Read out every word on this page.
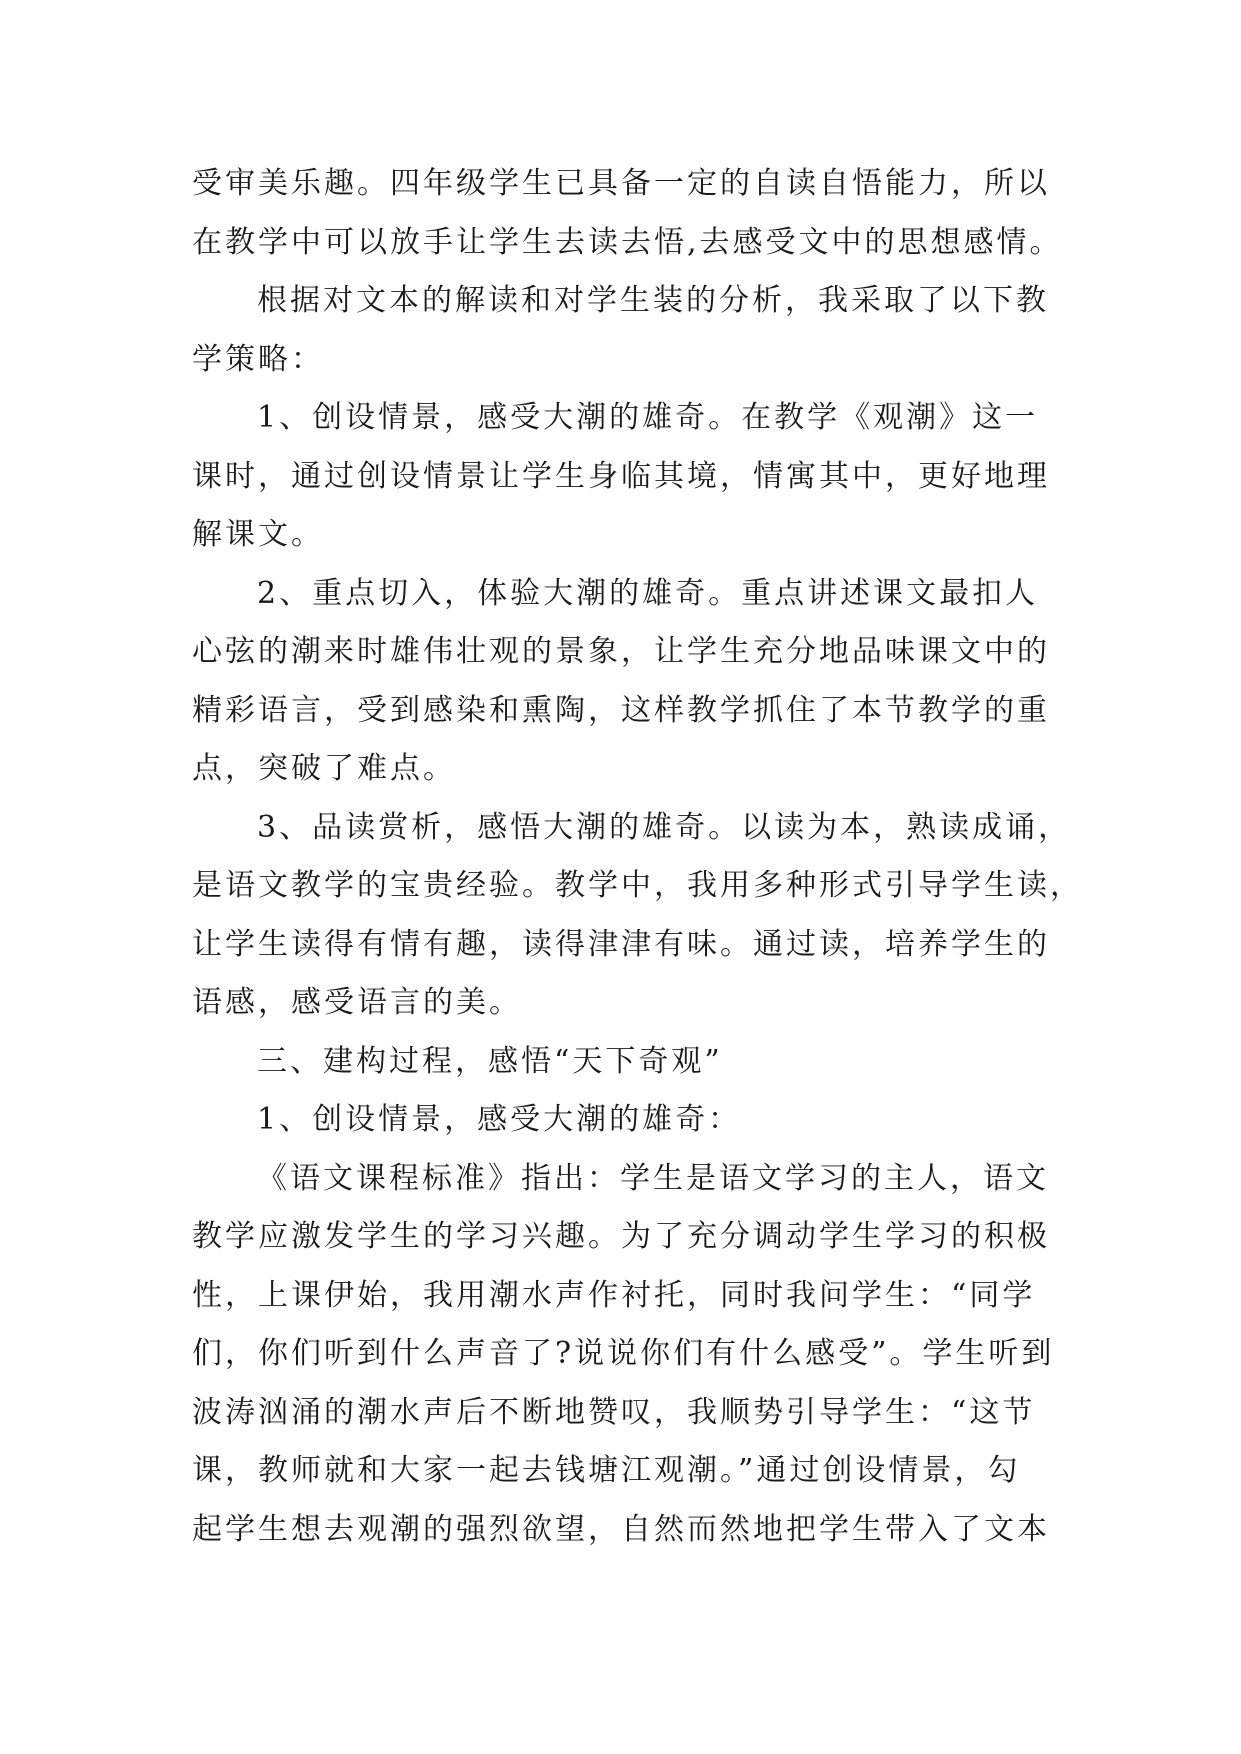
受审美乐趣。四年级学生已具备一定的自读自悟能力，所以
在教学中可以放手让学生去读去悟,去感受文中的思想感情。
根据对文本的解读和对学生装的分析，我采取了以下教
学策略：
1、创设情景，感受大潮的雄奇。在教学《观潮》这一
课时，通过创设情景让学生身临其境，情寓其中，更好地理
解课文。
2、重点切入，体验大潮的雄奇。重点讲述课文最扣人
心弦的潮来时雄伟壮观的景象，让学生充分地品味课文中的
精彩语言，受到感染和熏陶，这样教学抓住了本节教学的重
点，突破了难点。
3、品读赏析，感悟大潮的雄奇。以读为本，熟读成诵，
是语文教学的宝贵经验。教学中，我用多种形式引导学生读，
让学生读得有情有趣，读得津津有味。通过读，培养学生的
语感，感受语言的美。
三、建构过程，感悟“天下奇观”
1、创设情景，感受大潮的雄奇：
《语文课程标准》指出：学生是语文学习的主人，语文
教学应激发学生的学习兴趣。为了充分调动学生学习的积极
性，上课伊始，我用潮水声作衬托，同时我问学生：“同学
们，你们听到什么声音了?说说你们有什么感受”。学生听到
波涛汹涌的潮水声后不断地赞叹，我顺势引导学生：“这节
课，教师就和大家一起去钱塘江观潮。”通过创设情景，勾
起学生想去观潮的强烈欲望，自然而然地把学生带入了文本
